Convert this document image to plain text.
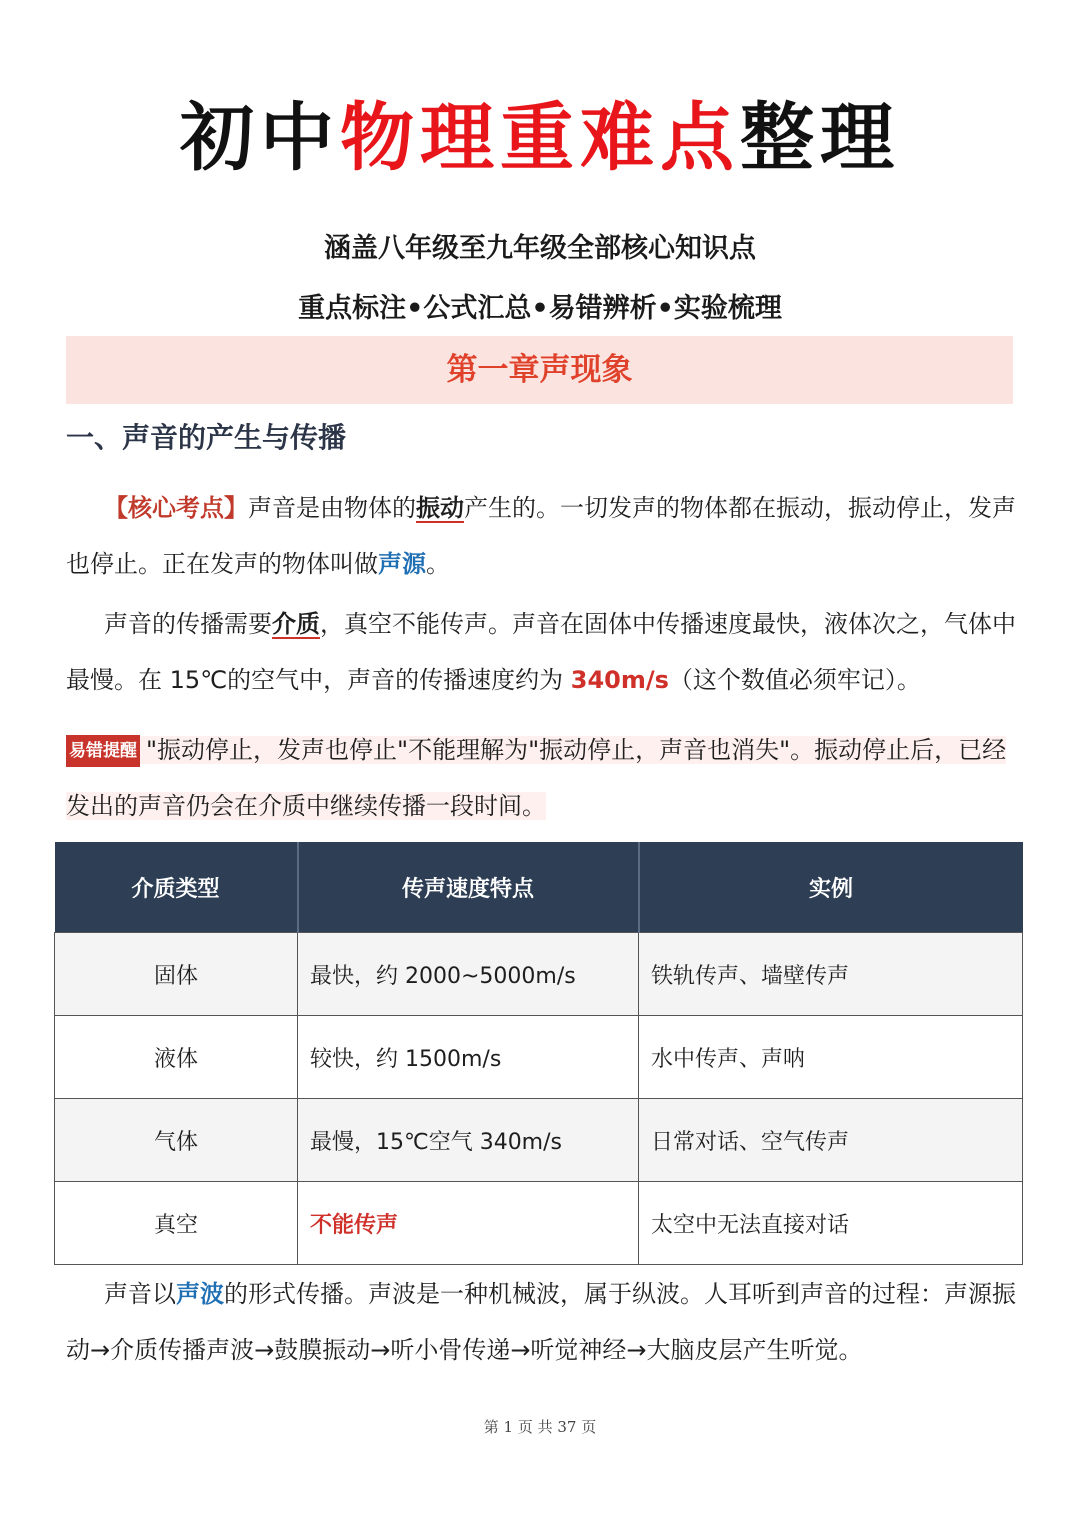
初中物理重难点整理
涵盖八年级至九年级全部核心知识点
重点标注•公式汇总•易错辨析•实验梳理
第一章声现象
一、声音的产生与传播
【核心考点】声音是由物体的振动产生的。一切发声的物体都在振动，振动停止，发声也停止。正在发声的物体叫做声源。
声音的传播需要介质，真空不能传声。声音在固体中传播速度最快，液体次之，气体中最慢。在 15℃的空气中，声音的传播速度约为 340m/s（这个数值必须牢记）。
易错提醒 "振动停止，发声也停止"不能理解为"振动停止，声音也消失"。振动停止后，已经发出的声音仍会在介质中继续传播一段时间。
介质类型	传声速度特点	实例
固体	最快，约 2000~5000m/s	铁轨传声、墙壁传声
液体	较快，约 1500m/s	水中传声、声呐
气体	最慢，15℃空气 340m/s	日常对话、空气传声
真空	不能传声	太空中无法直接对话
声音以声波的形式传播。声波是一种机械波，属于纵波。人耳听到声音的过程：声源振动→介质传播声波→鼓膜振动→听小骨传递→听觉神经→大脑皮层产生听觉。
第 1 页 共 37 页
